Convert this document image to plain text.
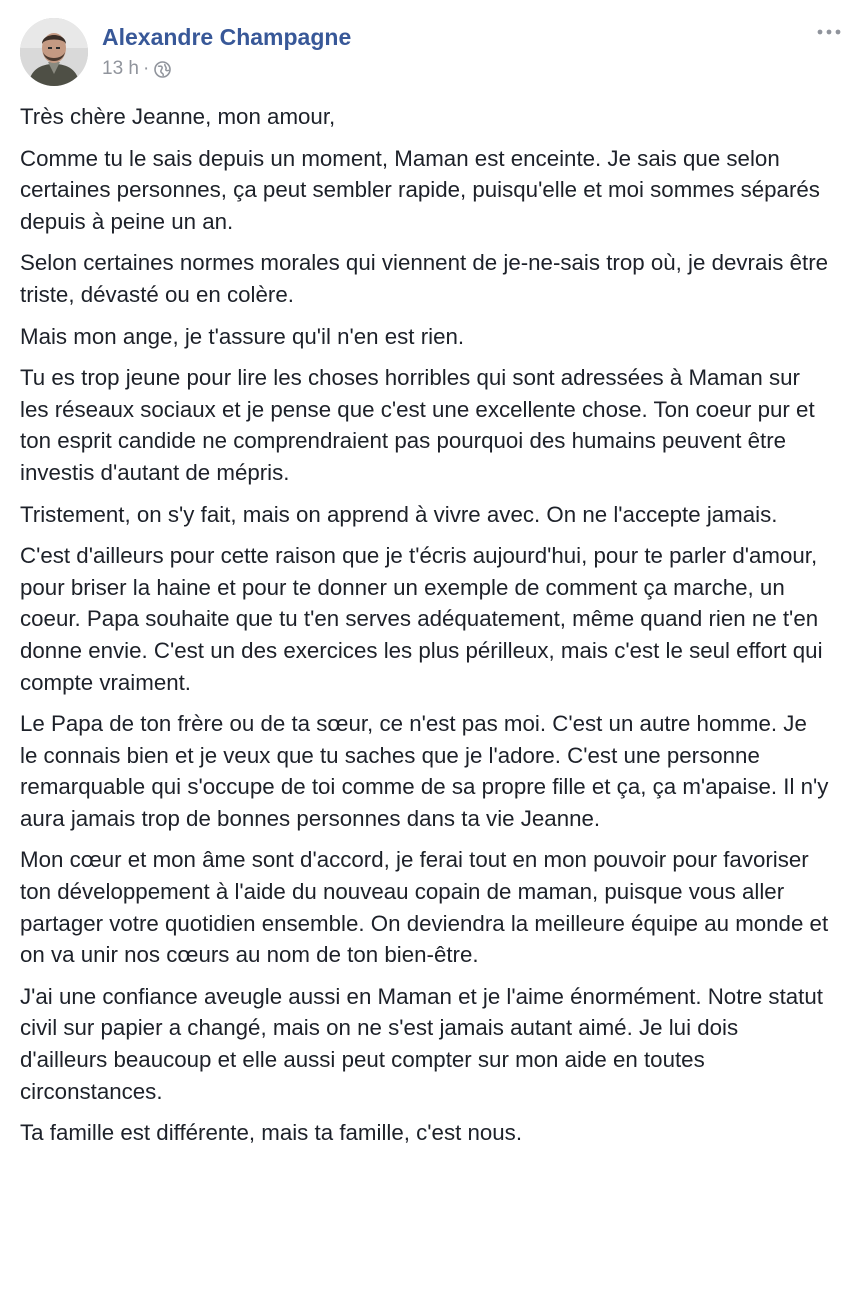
Alexandre Champagne
13 h ·

Très chère Jeanne, mon amour,

Comme tu le sais depuis un moment, Maman est enceinte. Je sais que selon certaines personnes, ça peut sembler rapide, puisqu'elle et moi sommes séparés depuis à peine un an.

Selon certaines normes morales qui viennent de je-ne-sais trop où, je devrais être triste, dévasté ou en colère.

Mais mon ange, je t'assure qu'il n'en est rien.

Tu es trop jeune pour lire les choses horribles qui sont adressées à Maman sur les réseaux sociaux et je pense que c'est une excellente chose. Ton coeur pur et ton esprit candide ne comprendraient pas pourquoi des humains peuvent être investis d'autant de mépris.

Tristement, on s'y fait, mais on apprend à vivre avec. On ne l'accepte jamais.

C'est d'ailleurs pour cette raison que je t'écris aujourd'hui, pour te parler d'amour, pour briser la haine et pour te donner un exemple de comment ça marche, un coeur. Papa souhaite que tu t'en serves adéquatement, même quand rien ne t'en donne envie. C'est un des exercices les plus périlleux, mais c'est le seul effort qui compte vraiment.

Le Papa de ton frère ou de ta sœur, ce n'est pas moi. C'est un autre homme. Je le connais bien et je veux que tu saches que je l'adore. C'est une personne remarquable qui s'occupe de toi comme de sa propre fille et ça, ça m'apaise. Il n'y aura jamais trop de bonnes personnes dans ta vie Jeanne.

Mon cœur et mon âme sont d'accord, je ferai tout en mon pouvoir pour favoriser ton développement à l'aide du nouveau copain de maman, puisque vous aller partager votre quotidien ensemble. On deviendra la meilleure équipe au monde et on va unir nos cœurs au nom de ton bien-être.

J'ai une confiance aveugle aussi en Maman et je l'aime énormément. Notre statut civil sur papier a changé, mais on ne s'est jamais autant aimé. Je lui dois d'ailleurs beaucoup et elle aussi peut compter sur mon aide en toutes circonstances.

Ta famille est différente, mais ta famille, c'est nous.
